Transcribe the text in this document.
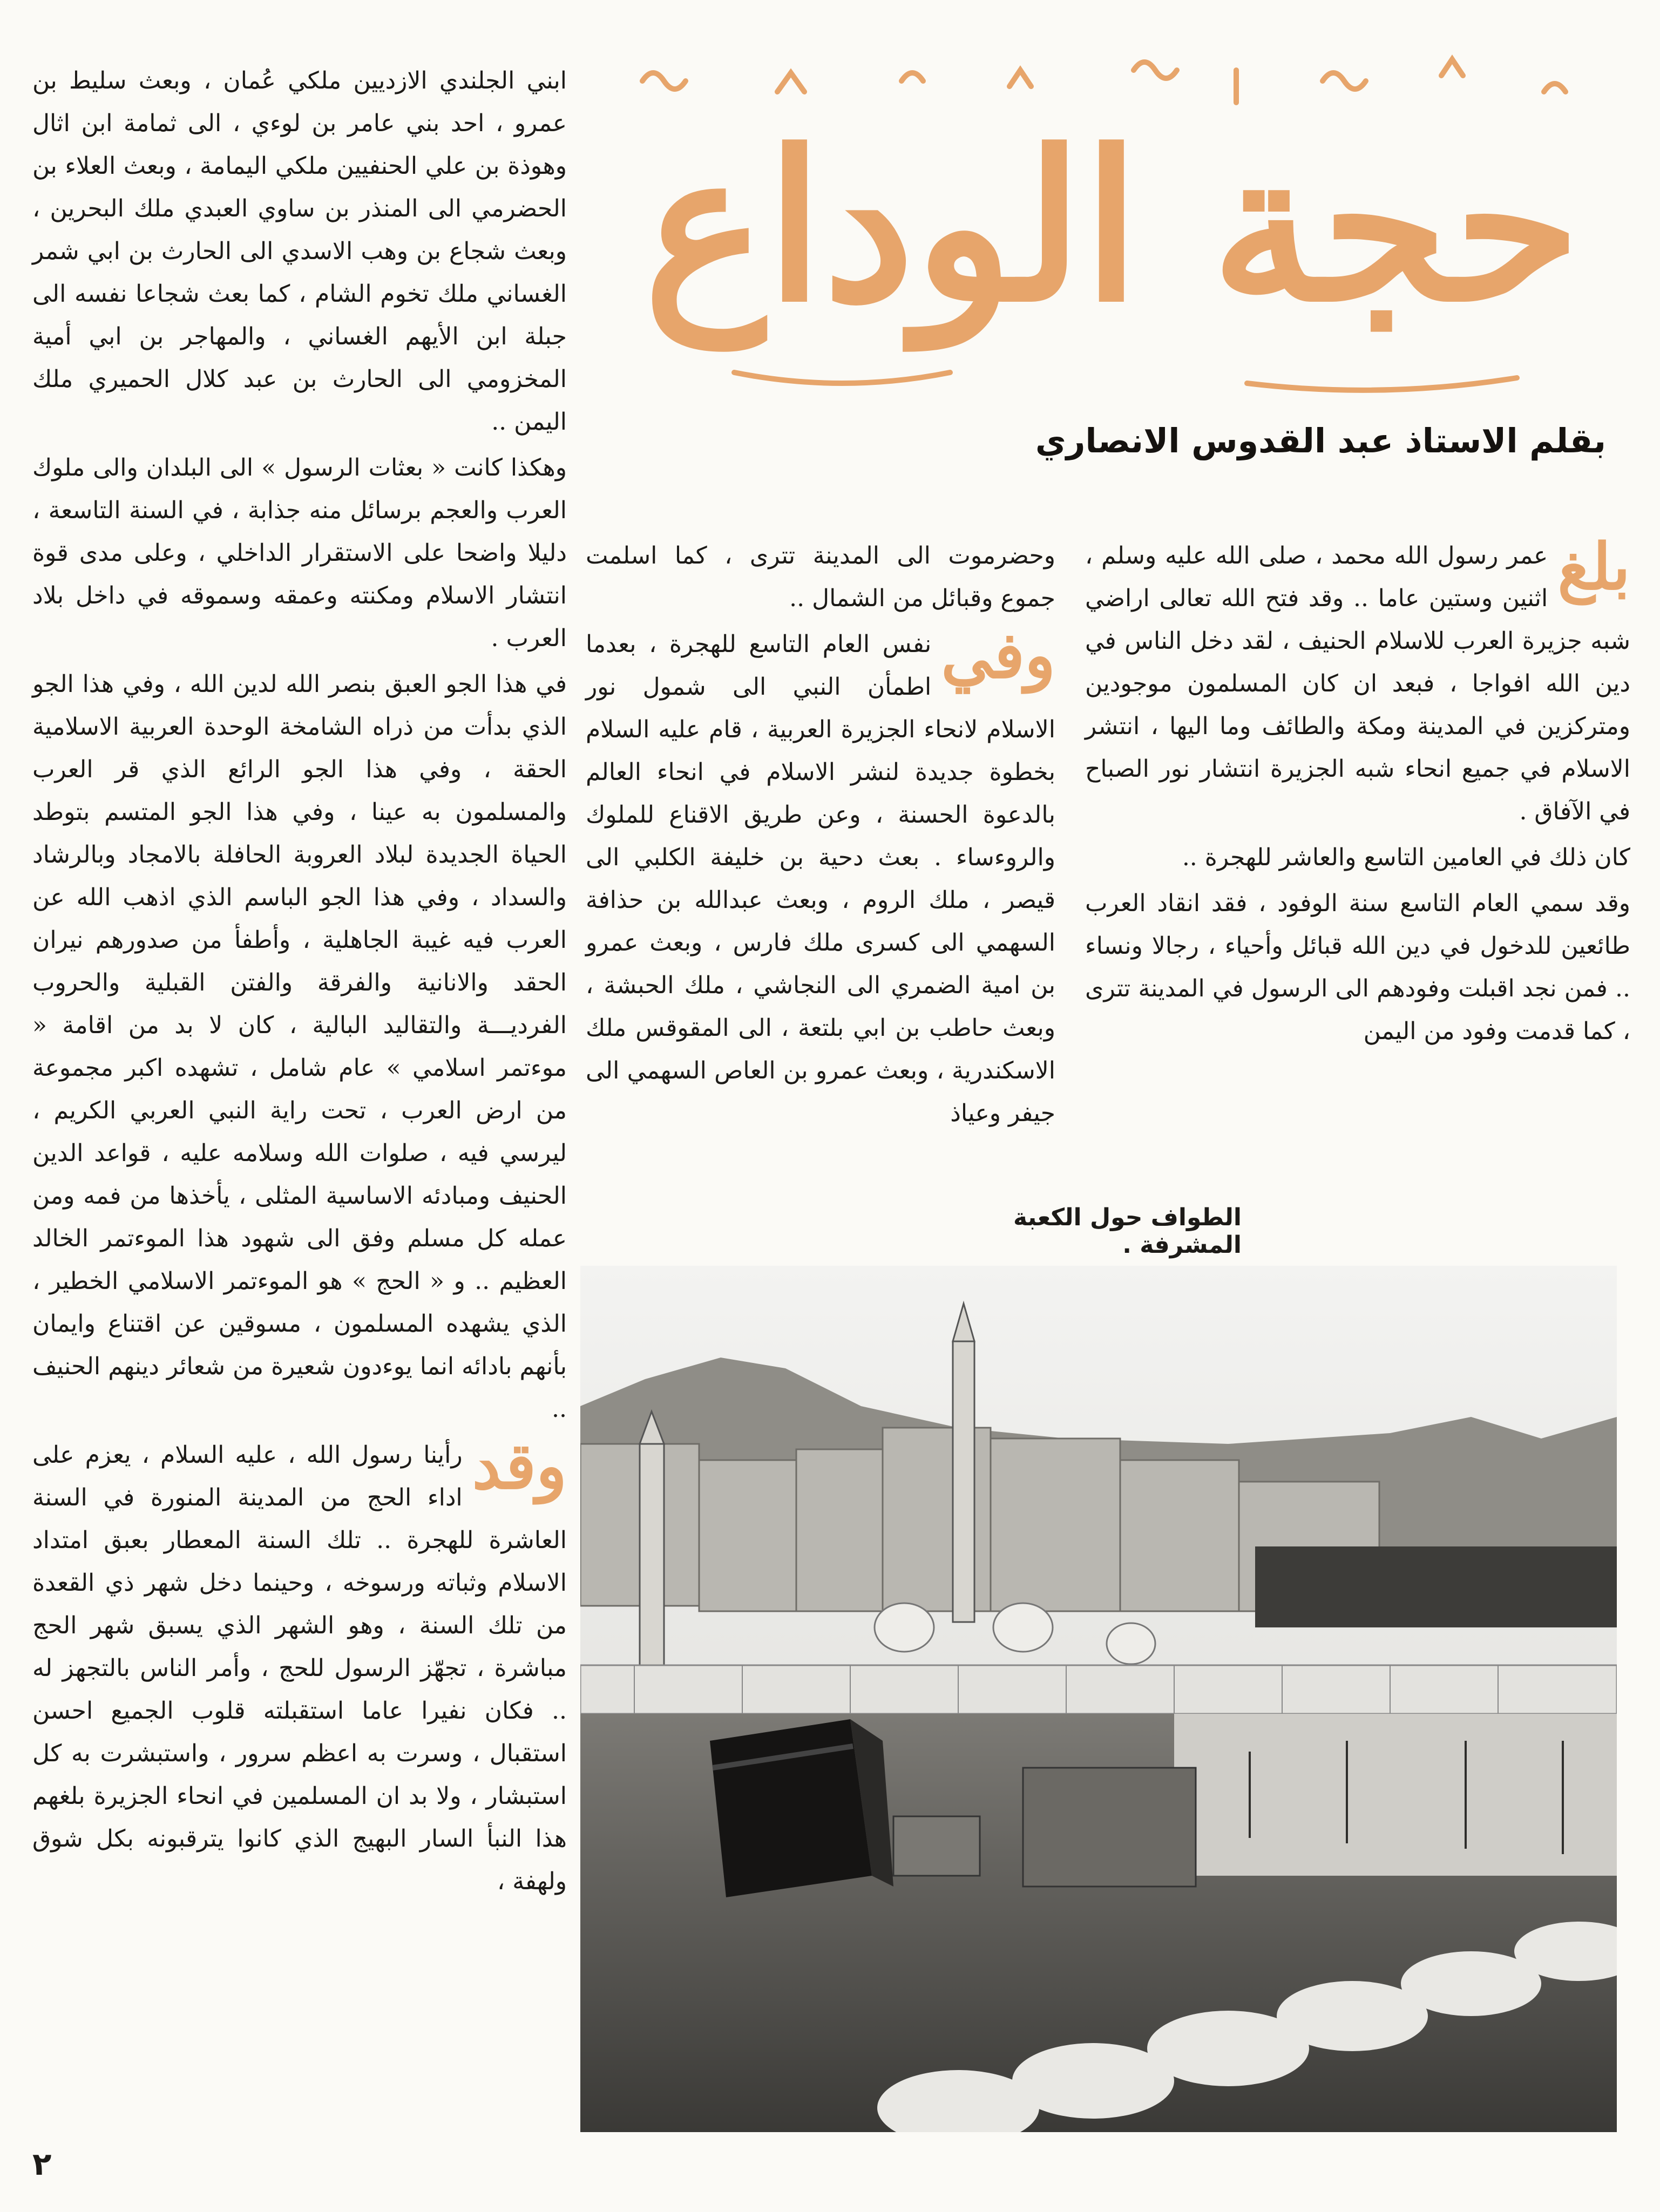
حجة الوداع
بقلم الاستاذ عبد القدوس الانصاري
بلغ

عمر رسول الله محمد ، صلى الله عليه وسلم ، اثنين وستين عاما .. وقد فتح الله تعالى اراضي شبه جزيرة العرب للاسلام الحنيف ، لقد دخل الناس في دين الله افواجا ، فبعد ان كان المسلمون موجودين ومتركزين في المدينة ومكة والطائف وما اليها ، انتشر الاسلام في جميع انحاء شبه الجزيرة انتشار نور الصباح في الآفاق .

كان ذلك في العامين التاسع والعاشر للهجرة ..

وقد سمي العام التاسع سنة الوفود ، فقد انقاد العرب طائعين للدخول في دين الله قبائل وأحياء ، رجالا ونساء .. فمن نجد اقبلت وفودهم الى الرسول في المدينة تترى ، كما قدمت وفود من اليمن

وحضرموت الى المدينة تترى ، كما اسلمت جموع وقبائل من الشمال ..

وفي

نفس العام التاسع للهجرة ، بعدما اطمأن النبي الى شمول نور الاسلام لانحاء الجزيرة العربية ، قام عليه السلام بخطوة جديدة لنشر الاسلام في انحاء العالم بالدعوة الحسنة ، وعن طريق الاقناع للملوك والروءساء . بعث دحية بن خليفة الكلبي الى قيصر ، ملك الروم ، وبعث عبدالله بن حذافة السهمي الى كسرى ملك فارس ، وبعث عمرو بن امية الضمري الى النجاشي ، ملك الحبشة ، وبعث حاطب بن ابي بلتعة ، الى المقوقس ملك الاسكندرية ، وبعث عمرو بن العاص السهمي الى جيفر وعياذ

ابني الجلندي الازديين ملكي عُمان ، وبعث سليط بن عمرو ، احد بني عامر بن لوءي ، الى ثمامة ابن اثال وهوذة بن علي الحنفيين ملكي اليمامة ، وبعث العلاء بن الحضرمي الى المنذر بن ساوي العبدي ملك البحرين ، وبعث شجاع بن وهب الاسدي الى الحارث بن ابي شمر الغساني ملك تخوم الشام ، كما بعث شجاعا نفسه الى جبلة ابن الأيهم الغساني ، والمهاجر بن ابي أمية المخزومي الى الحارث بن عبد كلال الحميري ملك اليمن ..

وهكذا كانت « بعثات الرسول » الى البلدان والى ملوك العرب والعجم برسائل منه جذابة ، في السنة التاسعة ، دليلا واضحا على الاستقرار الداخلي ، وعلى مدى قوة انتشار الاسلام ومكنته وعمقه وسموقه في داخل بلاد العرب .

في هذا الجو العبق بنصر الله لدين الله ، وفي هذا الجو الذي بدأت من ذراه الشامخة الوحدة العربية الاسلامية الحقة ، وفي هذا الجو الرائع الذي قر العرب والمسلمون به عينا ، وفي هذا الجو المتسم بتوطد الحياة الجديدة لبلاد العروبة الحافلة بالامجاد وبالرشاد والسداد ، وفي هذا الجو الباسم الذي اذهب الله عن العرب فيه غيبة الجاهلية ، وأطفأ من صدورهم نيران الحقد والانانية والفرقة والفتن القبلية والحروب الفرديـــة والتقاليد البالية ، كان لا بد من اقامة « موءتمر اسلامي » عام شامل ، تشهده اكبر مجموعة من ارض العرب ، تحت راية النبي العربي الكريم ، ليرسي فيه ، صلوات الله وسلامه عليه ، قواعد الدين الحنيف ومبادئه الاساسية المثلى ، يأخذها من فمه ومن عمله كل مسلم وفق الى شهود هذا الموءتمر الخالد العظيم .. و « الحج » هو الموءتمر الاسلامي الخطير ، الذي يشهده المسلمون ، مسوقين عن اقتناع وايمان بأنهم بادائه انما يوءدون شعيرة من شعائر دينهم الحنيف ..

وقد

رأينا رسول الله ، عليه السلام ، يعزم على اداء الحج من المدينة المنورة في السنة العاشرة للهجرة .. تلك السنة المعطار بعبق امتداد الاسلام وثباته ورسوخه ، وحينما دخل شهر ذي القعدة من تلك السنة ، وهو الشهر الذي يسبق شهر الحج مباشرة ، تجهّز الرسول للحج ، وأمر الناس بالتجهز له .. فكان نفيرا عاما استقبلته قلوب الجميع احسن استقبال ، وسرت به اعظم سرور ، واستبشرت به كل استبشار ، ولا بد ان المسلمين في انحاء الجزيرة بلغهم هذا النبأ السار البهيج الذي كانوا يترقبونه بكل شوق ولهفة ،

الطواف حول الكعبة المشرفة .
٢
